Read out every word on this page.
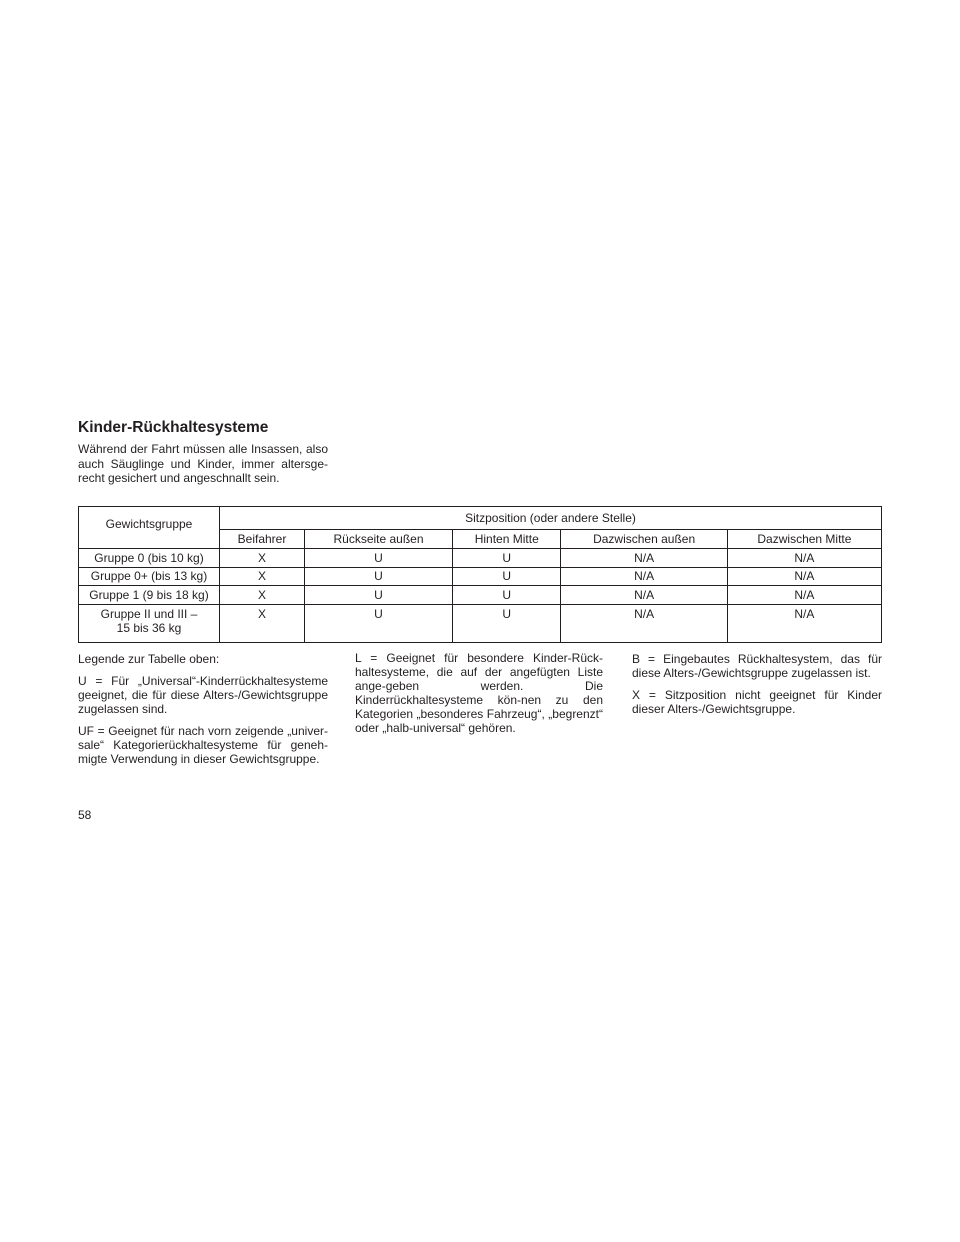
Kinder-Rückhaltesysteme

Während der Fahrt müssen alle Insassen, also auch Säuglinge und Kinder, immer altersge-recht gesichert und angeschnallt sein.

Gewichtsgruppe	Sitzposition (oder andere Stelle)				
	Beifahrer	Rückseite außen	Hinten Mitte	Dazwischen außen	Dazwischen Mitte
Gruppe 0 (bis 10 kg)	X	U	U	N/A	N/A
Gruppe 0+ (bis 13 kg)	X	U	U	N/A	N/A
Gruppe 1 (9 bis 18 kg)	X	U	U	N/A	N/A
Gruppe II und III –
15 bis 36 kg	X	U	U	N/A	N/A

Legende zur Tabelle oben:

U = Für „Universal“-Kinderrückhaltesysteme geeignet, die für diese Alters-/Gewichtsgruppe zugelassen sind.

UF = Geeignet für nach vorn zeigende „univer-sale“ Kategorierückhaltesysteme für geneh-migte Verwendung in dieser Gewichtsgruppe.

L = Geeignet für besondere Kinder-Rück-haltesysteme, die auf der angefügten Liste ange-geben werden. Die Kinderrückhaltesysteme kön-nen zu den Kategorien „besonderes Fahrzeug“, „begrenzt“ oder „halb-universal“ gehören.

B = Eingebautes Rückhaltesystem, das für diese Alters-/Gewichtsgruppe zugelassen ist.

X = Sitzposition nicht geeignet für Kinder dieser Alters-/Gewichtsgruppe.

58
